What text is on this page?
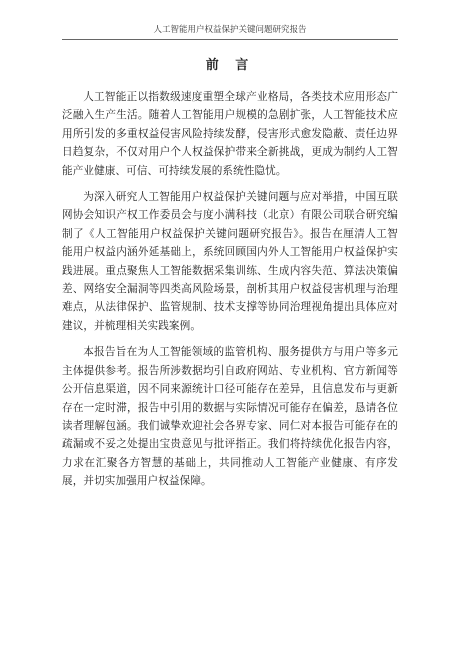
人工智能用户权益保护关键问题研究报告
前 言

人工智能正以指数级速度重塑全球产业格局，各类技术应用形态广泛融入生产生活。随着人工智能用户规模的急剧扩张，人工智能技术应用所引发的多重权益侵害风险持续发酵，侵害形式愈发隐蔽、责任边界日趋复杂，不仅对用户个人权益保护带来全新挑战，更成为制约人工智能产业健康、可信、可持续发展的系统性隐忧。

为深入研究人工智能用户权益保护关键问题与应对举措，中国互联网协会知识产权工作委员会与度小满科技（北京）有限公司联合研究编制了《人工智能用户权益保护关键问题研究报告》。报告在厘清人工智能用户权益内涵外延基础上，系统回顾国内外人工智能用户权益保护实践进展。重点聚焦人工智能数据采集训练、生成内容失范、算法决策偏差、网络安全漏洞等四类高风险场景，剖析其用户权益侵害机理与治理难点，从法律保护、监管规制、技术支撑等协同治理视角提出具体应对建议，并梳理相关实践案例。

本报告旨在为人工智能领域的监管机构、服务提供方与用户等多元主体提供参考。报告所涉数据均引自政府网站、专业机构、官方新闻等公开信息渠道，因不同来源统计口径可能存在差异，且信息发布与更新存在一定时滞，报告中引用的数据与实际情况可能存在偏差，恳请各位读者理解包涵。我们诚挚欢迎社会各界专家、同仁对本报告可能存在的疏漏或不妥之处提出宝贵意见与批评指正。我们将持续优化报告内容，力求在汇聚各方智慧的基础上，共同推动人工智能产业健康、有序发展，并切实加强用户权益保障。
